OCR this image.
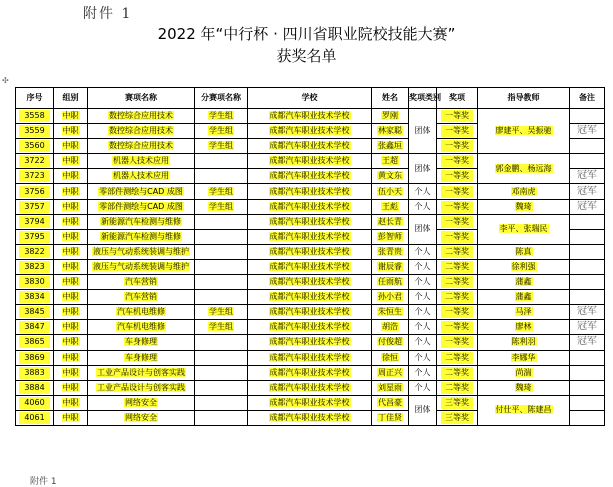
附件 1
2022 年“中行杯 · 四川省职业院校技能大赛”
获奖名单
✣
序号	组别	赛项名称	分赛项名称	学校	姓名	奖项类别	奖项	指导教师	备注
3558	中职	数控综合应用技术	学生组	成都汽车职业技术学校	罗刚	团体	一等奖	廖建平、吴振驰	
3559	中职	数控综合应用技术	学生组	成都汽车职业技术学校	林家聪		一等奖		冠军
3560	中职	数控综合应用技术	学生组	成都汽车职业技术学校	张鑫垣		一等奖		
3722	中职	机器人技术应用		成都汽车职业技术学校	王超	团体	一等奖	郭金鹏、杨远海	
3723	中职	机器人技术应用		成都汽车职业技术学校	黄文东		一等奖		冠军
3756	中职	零部件测绘与CAD 成图	学生组	成都汽车职业技术学校	伍小天	个人	一等奖	邓南虎	冠军
3757	中职	零部件测绘与CAD 成图	学生组	成都汽车职业技术学校	王彪	个人	一等奖	魏琦	冠军
3794	中职	新能源汽车检测与维修		成都汽车职业技术学校	赵长青	团体	一等奖	李平、张瑞民	
3795	中职	新能源汽车检测与维修		成都汽车职业技术学校	彭智师		一等奖		
3822	中职	液压与气动系统装调与维护		成都汽车职业技术学校	张青贵	个人	二等奖	陈真	
3823	中职	液压与气动系统装调与维护		成都汽车职业技术学校	谢辰睿	个人	二等奖	徐利强	
3830	中职	汽车营销		成都汽车职业技术学校	任雨航	个人	二等奖	蒲鑫	
3834	中职	汽车营销		成都汽车职业技术学校	孙小君	个人	二等奖	蒲鑫	
3845	中职	汽车机电维修	学生组	成都汽车职业技术学校	朱恒生	个人	一等奖	马泽	冠军
3847	中职	汽车机电维修	学生组	成都汽车职业技术学校	胡浩	个人	一等奖	廖林	冠军
3865	中职	车身修理		成都汽车职业技术学校	付俊超	个人	一等奖	陈利羽	冠军
3869	中职	车身修理		成都汽车职业技术学校	徐恒	个人	二等奖	李娜华	
3883	中职	工业产品设计与创客实践		成都汽车职业技术学校	周正兴	个人	二等奖	尚湍	
3884	中职	工业产品设计与创客实践		成都汽车职业技术学校	刘星雨	个人	二等奖	魏琦	
4060	中职	网络安全		成都汽车职业技术学校	代昌豪	团体	三等奖	付仕平、陈建昌	
4061	中职	网络安全		成都汽车职业技术学校	丁佳贤		三等奖		
附件 1
